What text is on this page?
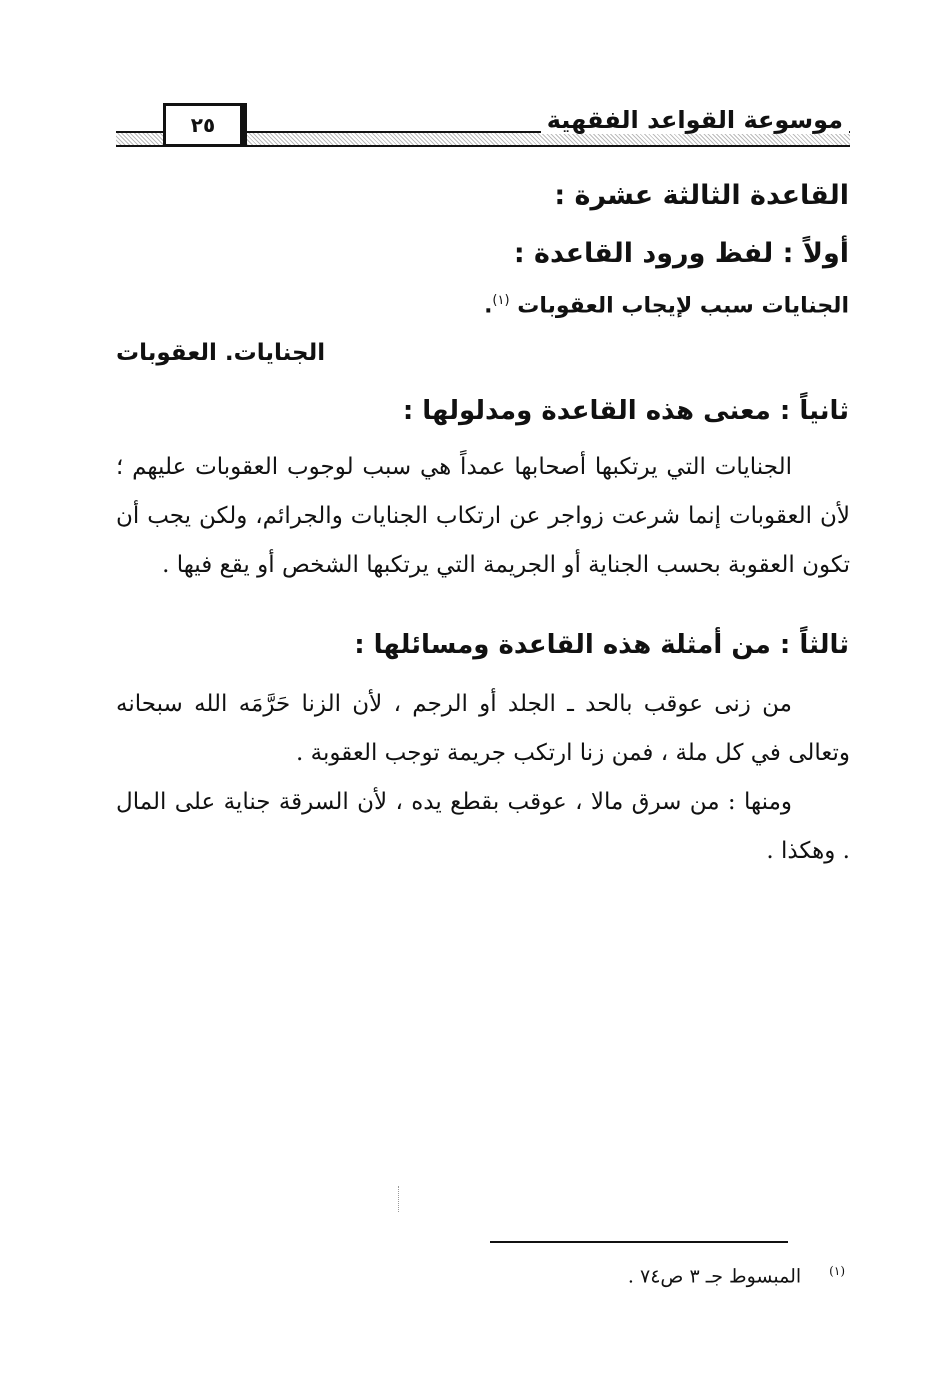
موسوعة القواعد الفقهية
٢٥
القاعدة الثالثة عشرة :
أولاً : لفظ ورود القاعدة :
الجنايات سبب لإيجاب العقوبات $^{(١)}$.
الجنايات. العقوبات
ثانياً : معنى هذه القاعدة ومدلولها :
الجنايات التي يرتكبها أصحابها عمداً هي سبب لوجوب العقوبات عليهم ؛ لأن العقوبات إنما شرعت زواجر عن ارتكاب الجنايات والجرائم، ولكن يجب أن تكون العقوبة بحسب الجناية أو الجريمة التي يرتكبها الشخص أو يقع فيها .
ثالثاً : من أمثلة هذه القاعدة ومسائلها :
من زنى عوقب بالحد ـ الجلد أو الرجم ، لأن الزنا حَرَّمَه الله سبحانه وتعالى في كل ملة ، فمن زنا ارتكب جريمة توجب العقوبة .
ومنها : من سرق مالا ، عوقب بقطع يده ، لأن السرقة جناية على المال . وهكذا .
$^{(١)}$المبسوط جـ ٣ ص٧٤ .
